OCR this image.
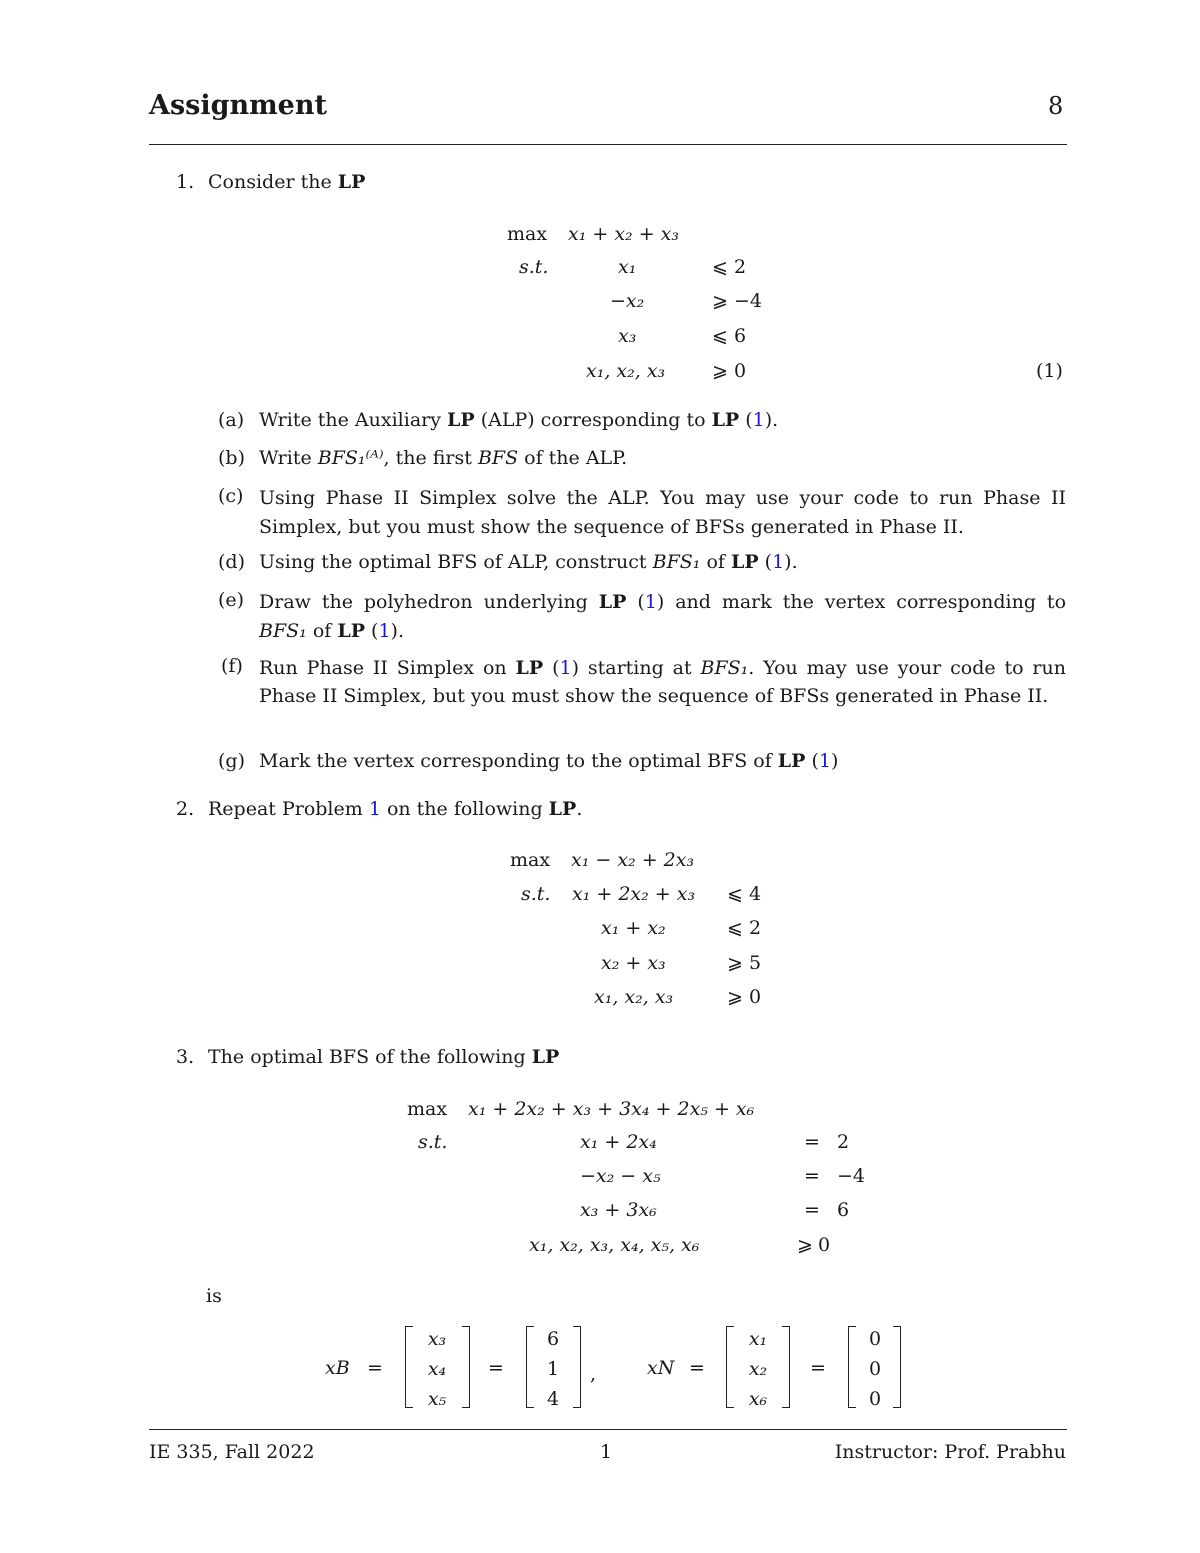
Assignment	8
1. Consider the LP
max x₁ + x₂ + x₃
s.t.	x₁	⩽ 2
−x₂	⩾ −4
x₃	⩽ 6
x₁, x₂, x₃ ⩾ 0	(1)
(a) Write the Auxiliary LP (ALP) corresponding to LP (1).
(b) Write BFS₁⁽ᴬ⁾, the first BFS of the ALP.
(c) Using Phase II Simplex solve the ALP. You may use your code to run Phase II Simplex, but you must show the sequence of BFSs generated in Phase II.
(d) Using the optimal BFS of ALP, construct BFS₁ of LP (1).
(e) Draw the polyhedron underlying LP (1) and mark the vertex corresponding to BFS₁ of LP (1).
(f) Run Phase II Simplex on LP (1) starting at BFS₁. You may use your code to run Phase II Simplex, but you must show the sequence of BFSs generated in Phase II.
(g) Mark the vertex corresponding to the optimal BFS of LP (1)
2. Repeat Problem 1 on the following LP.
max x₁ − x₂ + 2x₃
s.t. x₁ + 2x₂ + x₃ ⩽ 4
x₁ + x₂	⩽ 2
x₂ + x₃	⩾ 5
x₁, x₂, x₃	⩾ 0
3. The optimal BFS of the following LP
max x₁ + 2x₂ + x₃ + 3x₄ + 2x₅ + x₆
s.t.	x₁ + 2x₄	= 2
−x₂ − x₅	= −4
x₃ + 3x₆	= 6
x₁, x₂, x₃, x₄, x₅, x₆	⩾ 0
is
xB =
x₃
x₄
x₅
=
6
1
4
,	xN =
x₁
x₂
x₆
=
0
0
0
IE 335, Fall 2022	1	Instructor: Prof. Prabhu
